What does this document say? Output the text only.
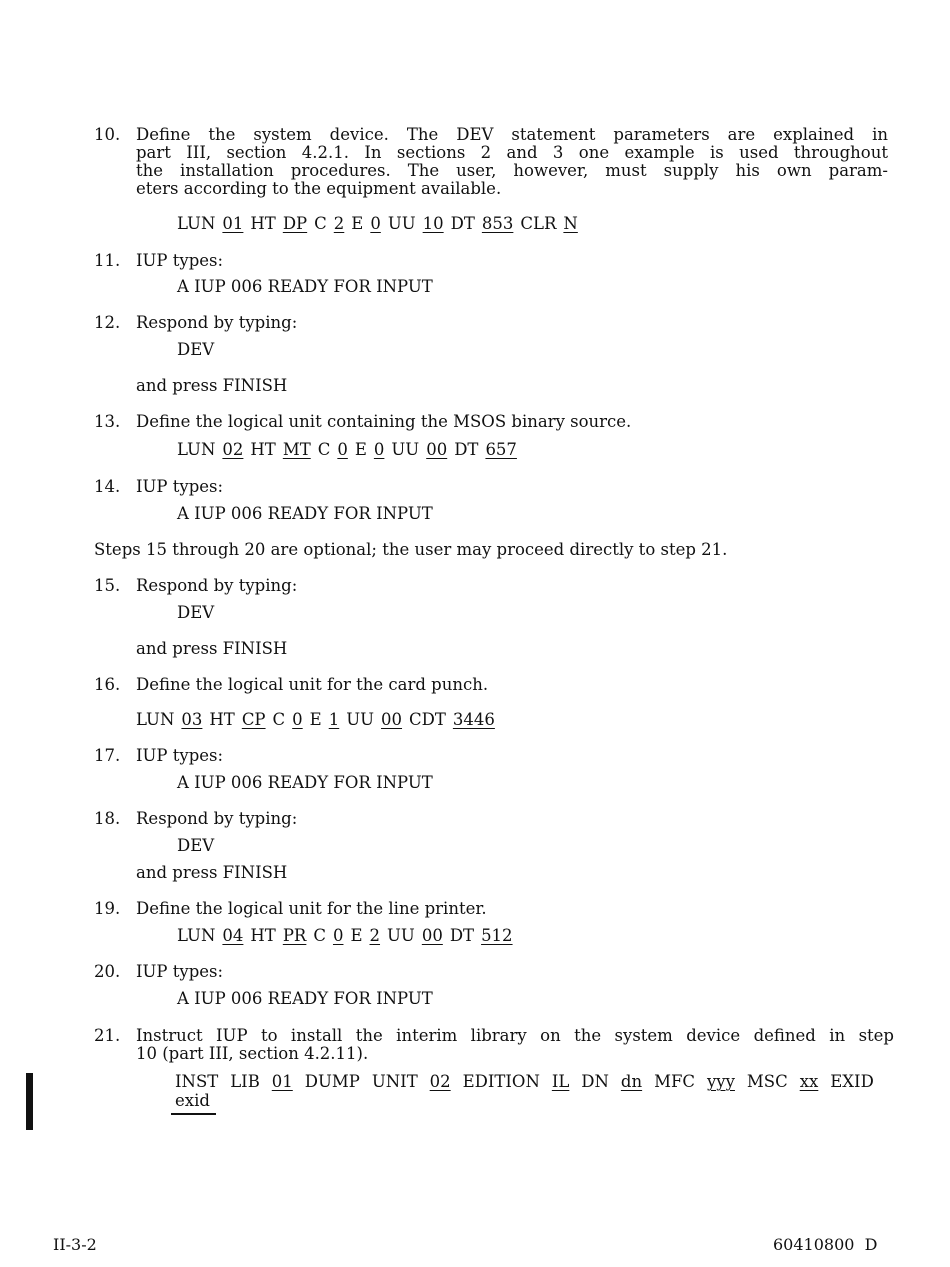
10. Define the system device. The DEV statement parameters are explained in
part III, section 4.2.1. In sections 2 and 3 one example is used throughout
the installation procedures. The user, however, must supply his own param-
eters according to the equipment available.
LUN 01 HT DP C 2 E 0 UU 10 DT 853 CLR N
11. IUP types:
A IUP 006 READY FOR INPUT
12. Respond by typing:
DEV
and press FINISH
13. Define the logical unit containing the MSOS binary source.
LUN 02 HT MT C 0 E 0 UU 00 DT 657
14. IUP types:
A IUP 006 READY FOR INPUT
Steps 15 through 20 are optional; the user may proceed directly to step 21.
15. Respond by typing:
DEV
and press FINISH
16. Define the logical unit for the card punch.
LUN 03 HT CP C 0 E 1 UU 00 CDT 3446
17. IUP types:
A IUP 006 READY FOR INPUT
18. Respond by typing:
DEV
and press FINISH
19. Define the logical unit for the line printer.
LUN 04 HT PR C 0 E 2 UU 00 DT 512
20. IUP types:
A IUP 006 READY FOR INPUT
21. Instruct IUP to install the interim library on the system device defined in step
10 (part III, section 4.2.11).
INST LIB 01 DUMP UNIT 02 EDITION IL DN dn MFC yyy MSC xx EXID
exid
II-3-2	60410800  D
